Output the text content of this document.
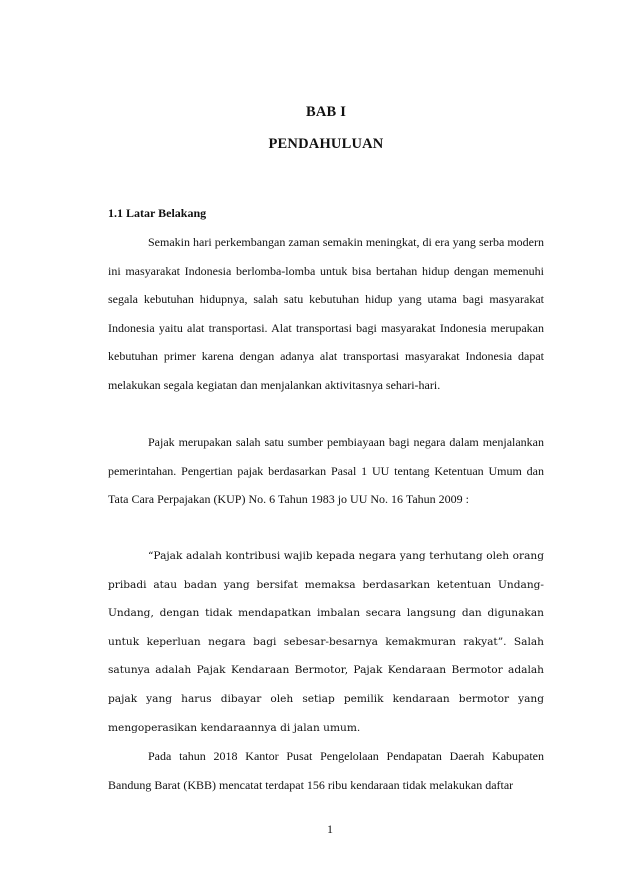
BAB I
PENDAHULUAN
1.1 Latar Belakang

Semakin hari perkembangan zaman semakin meningkat, di era yang serba modern ini masyarakat Indonesia berlomba-lomba untuk bisa bertahan hidup dengan memenuhi segala kebutuhan hidupnya, salah satu kebutuhan hidup yang utama bagi masyarakat Indonesia yaitu alat transportasi. Alat transportasi bagi masyarakat Indonesia merupakan kebutuhan primer karena dengan adanya alat transportasi masyarakat Indonesia dapat melakukan segala kegiatan dan menjalankan aktivitasnya sehari-hari.

Pajak merupakan salah satu sumber pembiayaan bagi negara dalam menjalankan pemerintahan. Pengertian pajak berdasarkan Pasal 1 UU tentang Ketentuan Umum dan Tata Cara Perpajakan (KUP) No. 6 Tahun 1983 jo UU No. 16 Tahun 2009 :

“Pajak adalah kontribusi wajib kepada negara yang terhutang oleh orang pribadi atau badan yang bersifat memaksa berdasarkan ketentuan Undang-Undang, dengan tidak mendapatkan imbalan secara langsung dan digunakan untuk keperluan negara bagi sebesar-besarnya kemakmuran rakyat”. Salah satunya adalah Pajak Kendaraan Bermotor, Pajak Kendaraan Bermotor adalah pajak yang harus dibayar oleh setiap pemilik kendaraan bermotor yang mengoperasikan kendaraannya di jalan umum.

Pada tahun 2018 Kantor Pusat Pengelolaan Pendapatan Daerah Kabupaten Bandung Barat (KBB) mencatat terdapat 156 ribu kendaraan tidak melakukan daftar

1
